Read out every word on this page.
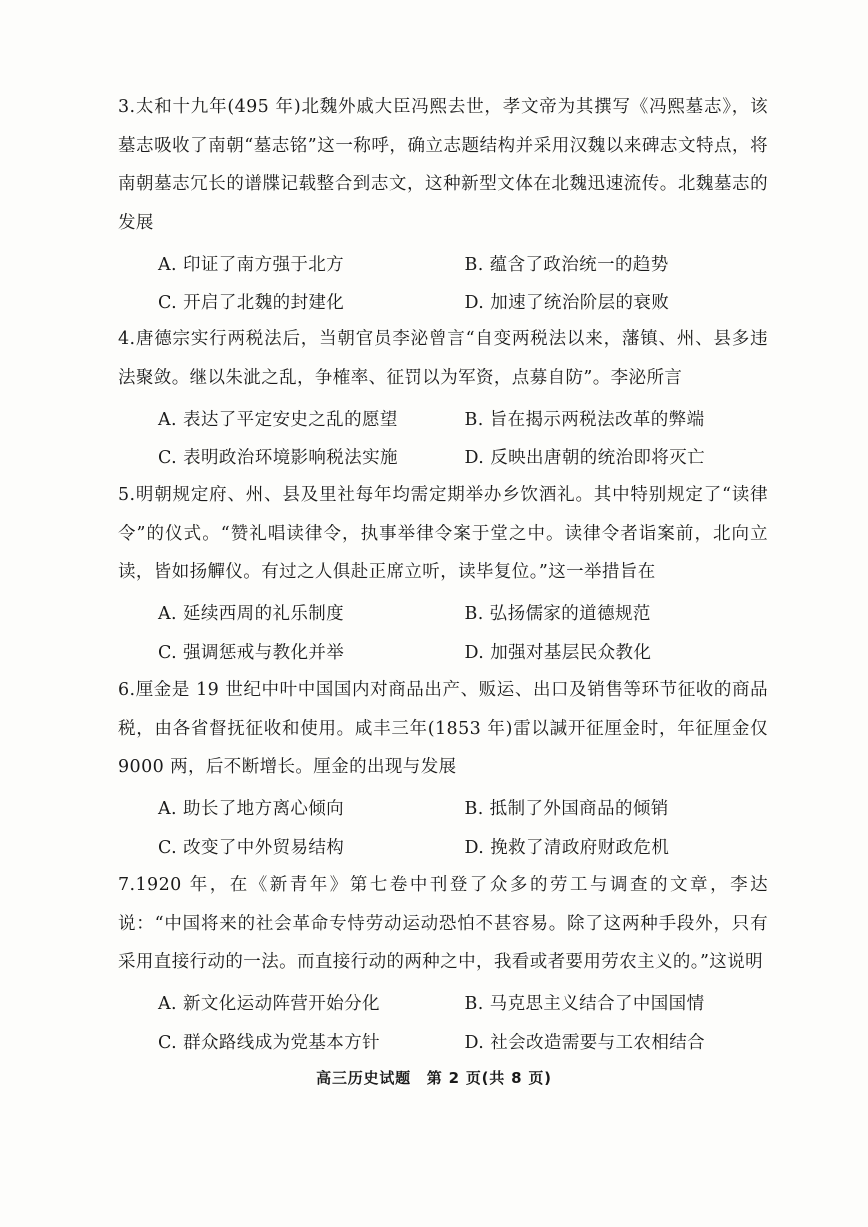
3.太和十九年(495 年)北魏外戚大臣冯熙去世，孝文帝为其撰写《冯熙墓志》，该墓志吸收了南朝“墓志铭”这一称呼，确立志题结构并采用汉魏以来碑志文特点，将南朝墓志冗长的谱牒记载整合到志文，这种新型文体在北魏迅速流传。北魏墓志的发展
A. 印证了南方强于北方	B. 蕴含了政治统一的趋势
C. 开启了北魏的封建化	D. 加速了统治阶层的衰败
4.唐德宗实行两税法后，当朝官员李泌曾言“自变两税法以来，藩镇、州、县多违法聚敛。继以朱泚之乱，争榷率、征罚以为军资，点募自防”。李泌所言
A. 表达了平定安史之乱的愿望	B. 旨在揭示两税法改革的弊端
C. 表明政治环境影响税法实施	D. 反映出唐朝的统治即将灭亡
5.明朝规定府、州、县及里社每年均需定期举办乡饮酒礼。其中特别规定了“读律令”的仪式。“赞礼唱读律令，执事举律令案于堂之中。读律令者诣案前，北向立读，皆如扬觶仪。有过之人俱赴正席立听，读毕复位。”这一举措旨在
A. 延续西周的礼乐制度	B. 弘扬儒家的道德规范
C. 强调惩戒与教化并举	D. 加强对基层民众教化
6.厘金是 19 世纪中叶中国国内对商品出产、贩运、出口及销售等环节征收的商品税，由各省督抚征收和使用。咸丰三年(1853 年)雷以諴开征厘金时，年征厘金仅 9000 两，后不断增长。厘金的出现与发展
A. 助长了地方离心倾向	B. 抵制了外国商品的倾销
C. 改变了中外贸易结构	D. 挽救了清政府财政危机
7.1920 年，在《新青年》第七卷中刊登了众多的劳工与调查的文章，李达说：“中国将来的社会革命专恃劳动运动恐怕不甚容易。除了这两种手段外，只有采用直接行动的一法。而直接行动的两种之中，我看或者要用劳农主义的。”这说明
A. 新文化运动阵营开始分化	B. 马克思主义结合了中国国情
C. 群众路线成为党基本方针	D. 社会改造需要与工农相结合
高三历史试题　第 2 页(共 8 页)
